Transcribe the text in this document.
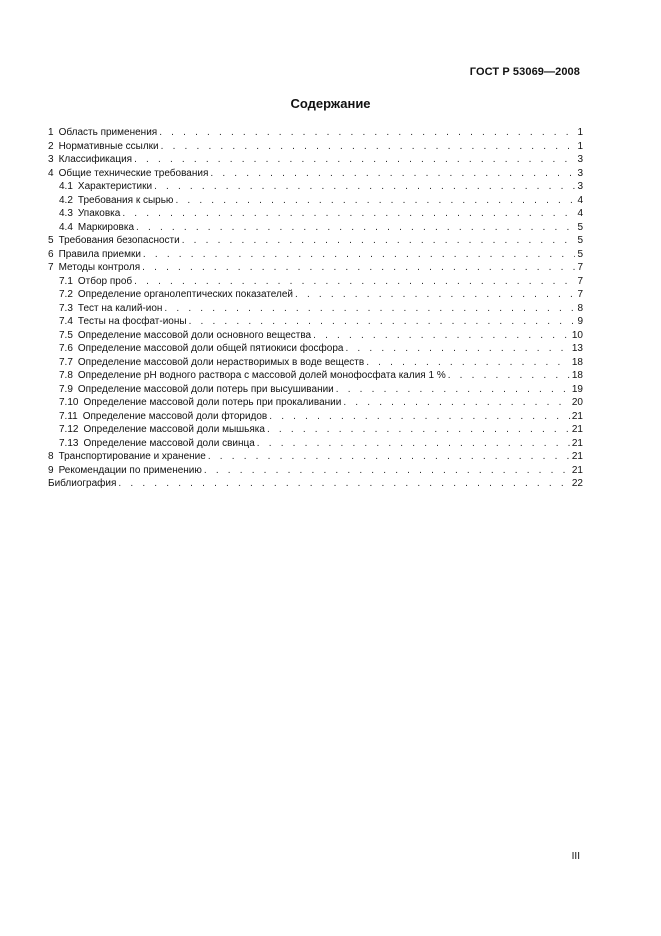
ГОСТ Р 53069—2008
Содержание
1 Область применения . . .	1
2 Нормативные ссылки . . .	1
3 Классификация . . .	3
4 Общие технические требования . . .	3
4.1 Характеристики . . .	3
4.2 Требования к сырью . . .	4
4.3 Упаковка . . .	4
4.4 Маркировка . . .	5
5 Требования безопасности . . .	5
6 Правила приемки . . .	5
7 Методы контроля . . .	7
7.1 Отбор проб . . .	7
7.2 Определение органолептических показателей . . .	7
7.3 Тест на калий-ион . . .	8
7.4 Тесты на фосфат-ионы . . .	9
7.5 Определение массовой доли основного вещества . . .	10
7.6 Определение массовой доли общей пятиокиси фосфора . . .	13
7.7 Определение массовой доли нерастворимых в воде веществ . . .	18
7.8 Определение рН водного раствора с массовой долей монофосфата калия 1 % . . .	18
7.9 Определение массовой доли потерь при высушивании . . .	19
7.10 Определение массовой доли потерь при прокаливании . . .	20
7.11 Определение массовой доли фторидов . . .	21
7.12 Определение массовой доли мышьяка . . .	21
7.13 Определение массовой доли свинца . . .	21
8 Транспортирование и хранение . . .	21
9 Рекомендации по применению . . .	21
Библиография . . .	22
III
